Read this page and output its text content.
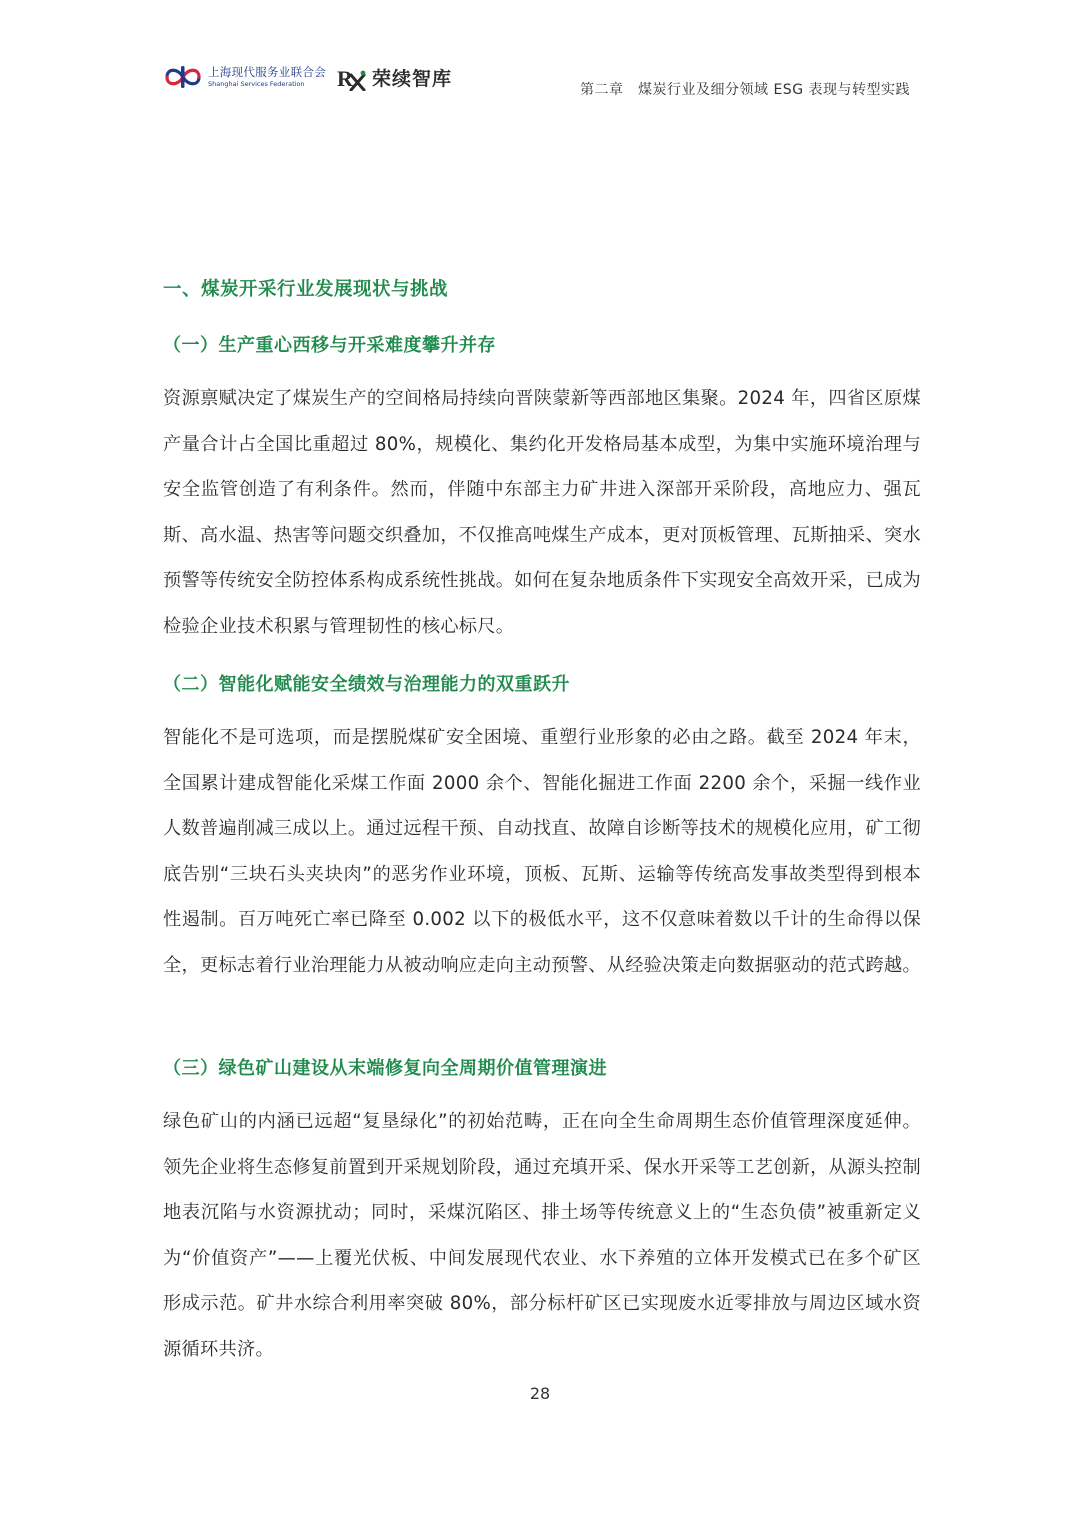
上海现代服务业联合会
Shanghai Services Federation	R 荣续智库	第二章　煤炭行业及细分领域 ESG 表现与转型实践
一、煤炭开采行业发展现状与挑战
（一）生产重心西移与开采难度攀升并存

资源禀赋决定了煤炭生产的空间格局持续向晋陕蒙新等西部地区集聚。2024 年，四省区原煤产量合计占全国比重超过 80%，规模化、集约化开发格局基本成型，为集中实施环境治理与安全监管创造了有利条件。然而，伴随中东部主力矿井进入深部开采阶段，高地应力、强瓦斯、高水温、热害等问题交织叠加，不仅推高吨煤生产成本，更对顶板管理、瓦斯抽采、突水预警等传统安全防控体系构成系统性挑战。如何在复杂地质条件下实现安全高效开采，已成为检验企业技术积累与管理韧性的核心标尺。

（二）智能化赋能安全绩效与治理能力的双重跃升

智能化不是可选项，而是摆脱煤矿安全困境、重塑行业形象的必由之路。截至 2024 年末，全国累计建成智能化采煤工作面 2000 余个、智能化掘进工作面 2200 余个，采掘一线作业人数普遍削减三成以上。通过远程干预、自动找直、故障自诊断等技术的规模化应用，矿工彻底告别“三块石头夹块肉”的恶劣作业环境，顶板、瓦斯、运输等传统高发事故类型得到根本性遏制。百万吨死亡率已降至 0.002 以下的极低水平，这不仅意味着数以千计的生命得以保全，更标志着行业治理能力从被动响应走向主动预警、从经验决策走向数据驱动的范式跨越。

（三）绿色矿山建设从末端修复向全周期价值管理演进

绿色矿山的内涵已远超“复垦绿化”的初始范畴，正在向全生命周期生态价值管理深度延伸。领先企业将生态修复前置到开采规划阶段，通过充填开采、保水开采等工艺创新，从源头控制地表沉陷与水资源扰动；同时，采煤沉陷区、排土场等传统意义上的“生态负债”被重新定义为“价值资产”——上覆光伏板、中间发展现代农业、水下养殖的立体开发模式已在多个矿区形成示范。矿井水综合利用率突破 80%，部分标杆矿区已实现废水近零排放与周边区域水资源循环共济。

28
